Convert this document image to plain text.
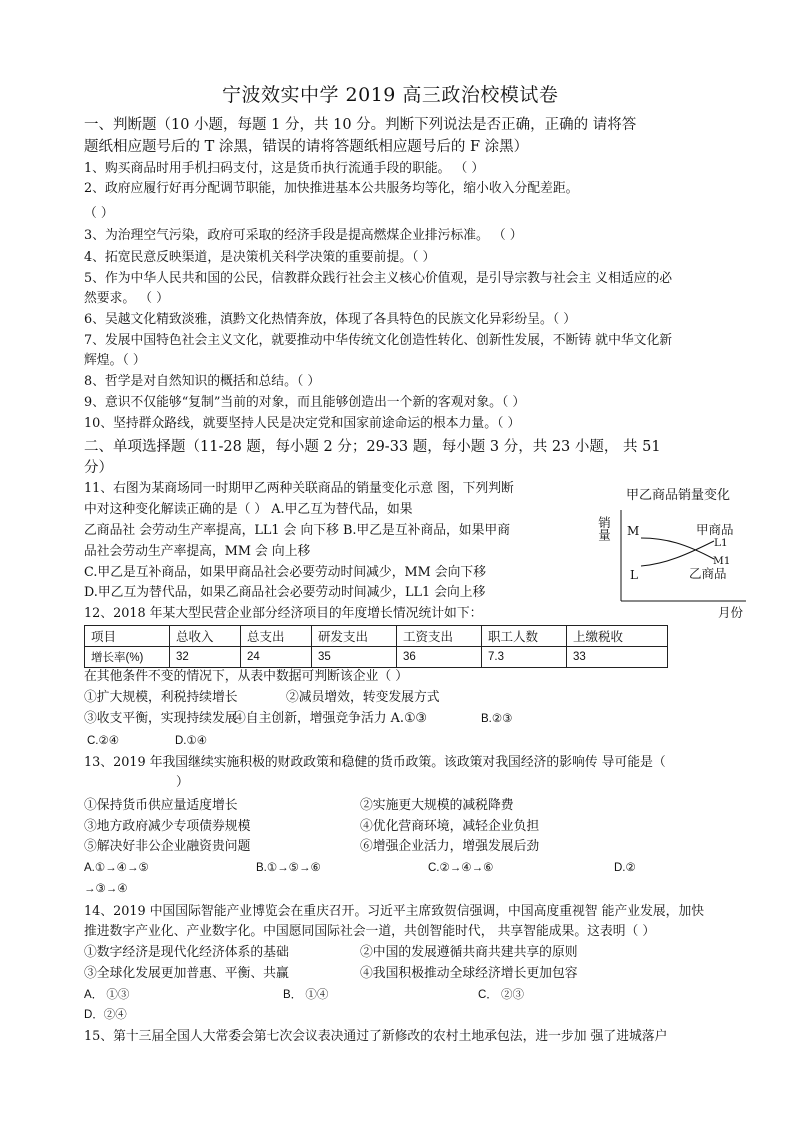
宁波效实中学 2019 高三政治校模试卷
一、判断题（10 小题，每题 1 分，共 10 分。判断下列说法是否正确，正确的 请将答
题纸相应题号后的 T 涂黑，错误的请将答题纸相应题号后的 F 涂黑）
1、购买商品时用手机扫码支付，这是货币执行流通手段的职能。 （ ）
2、政府应履行好再分配调节职能，加快推进基本公共服务均等化，缩小收入分配差距。
（ ）
3、为治理空气污染，政府可采取的经济手段是提高燃煤企业排污标准。 （ ）
4、拓宽民意反映渠道，是决策机关科学决策的重要前提。（ ）
5、作为中华人民共和国的公民，信教群众践行社会主义核心价值观，是引导宗教与社会主 义相适应的必
然要求。 （ ）
6、吴越文化精致淡雅，滇黔文化热情奔放，体现了各具特色的民族文化异彩纷呈。（ ）
7、发展中国特色社会主义文化，就要推动中华传统文化创造性转化、创新性发展，不断铸 就中华文化新
辉煌。（ ）
8、哲学是对自然知识的概括和总结。（ ）
9、意识不仅能够“复制”当前的对象，而且能够创造出一个新的客观对象。（ ）
10、坚持群众路线，就要坚持人民是决定党和国家前途命运的根本力量。（ ）
二、单项选择题（11-28 题，每小题 2 分；29-33 题，每小题 3 分，共 23 小题， 共 51
分）
11、右图为某商场同一时期甲乙两种关联商品的销量变化示意 图，下列判断
中对这种变化解读正确的是（ ） A.甲乙互为替代品，如果
乙商品社 会劳动生产率提高，LL1 会 向下移 B.甲乙是互补商品，如果甲商
品社会劳动生产率提高，MM 会 向上移
C.甲乙是互补商品，如果甲商品社会必要劳动时间减少，MM 会向下移
D.甲乙互为替代品，如果乙商品社会必要劳动时间减少，LL1 会向上移
甲乙商品销量变化
销量 M
L
甲商品
L1
M1
乙商品
月份
12、2018 年某大型民营企业部分经济项目的年度增长情况统计如下：
项目	总收入	总支出	研发支出	工资支出	职工人数	上缴税收
增长率(%)	32	24	35	36	7.3	33
在其他条件不变的情况下，从表中数据可判断该企业（ ）
①扩大规模，利税持续增长	②减员增效，转变发展方式
③收支平衡，实现持续发展
④自主创新，增强竞争活力 A.①③	B.②③
C.②④	D.①④
13、2019 年我国继续实施积极的财政政策和稳健的货币政策。该政策对我国经济的影响传 导可能是（
）
①保持货币供应量适度增长	②实施更大规模的减税降费
③地方政府减少专项债券规模	④优化营商环境，减轻企业负担
⑤解决好非公企业融资贵问题	⑥增强企业活力，增强发展后劲
A.①→④→⑤	B.①→⑤→⑥	C.②→④→⑥	D.②
→③→④
14、2019 中国国际智能产业博览会在重庆召开。习近平主席致贺信强调，中国高度重视智 能产业发展，加快
推进数字产业化、产业数字化。中国愿同国际社会一道，共创智能时代， 共享智能成果。这表明（ ）
①数字经济是现代化经济体系的基础	②中国的发展遵循共商共建共享的原则
③全球化发展更加普惠、平衡、共赢	④我国积极推动全球经济增长更加包容
A． ①③	B． ①④	C． ②③
D．②④
15、第十三届全国人大常委会第七次会议表决通过了新修改的农村土地承包法，进一步加 强了进城落户
